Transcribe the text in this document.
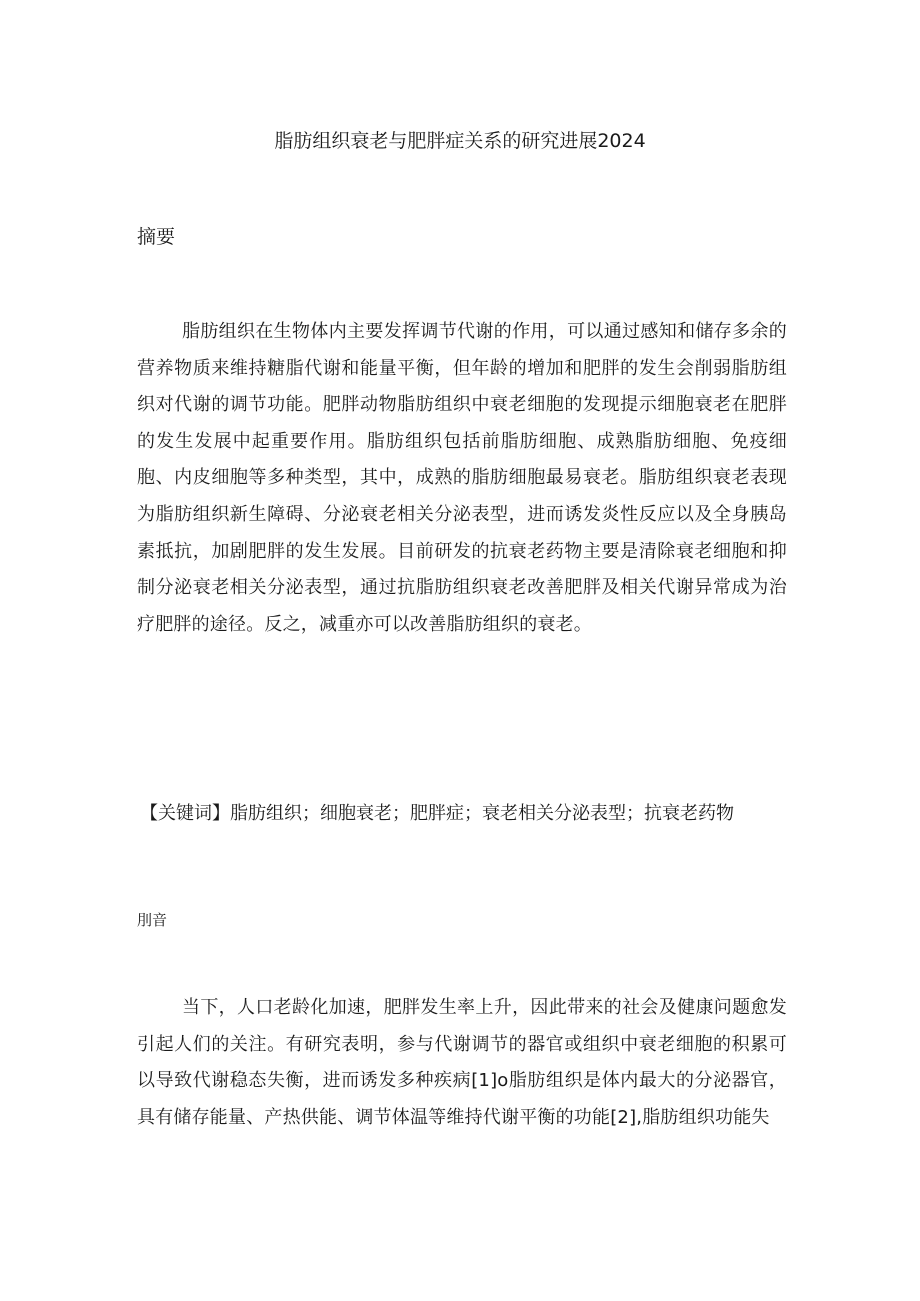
脂肪组织衰老与肥胖症关系的研究进展2024
摘要
脂肪组织在生物体内主要发挥调节代谢的作用，可以通过感知和储存多余的营养物质来维持糖脂代谢和能量平衡，但年龄的增加和肥胖的发生会削弱脂肪组织对代谢的调节功能。肥胖动物脂肪组织中衰老细胞的发现提示细胞衰老在肥胖的发生发展中起重要作用。脂肪组织包括前脂肪细胞、成熟脂肪细胞、免疫细胞、内皮细胞等多种类型，其中，成熟的脂肪细胞最易衰老。脂肪组织衰老表现为脂肪组织新生障碍、分泌衰老相关分泌表型，进而诱发炎性反应以及全身胰岛素抵抗，加剧肥胖的发生发展。目前研发的抗衰老药物主要是清除衰老细胞和抑制分泌衰老相关分泌表型，通过抗脂肪组织衰老改善肥胖及相关代谢异常成为治疗肥胖的途径。反之，减重亦可以改善脂肪组织的衰老。
【关键词】脂肪组织；细胞衰老；肥胖症；衰老相关分泌表型；抗衰老药物
刖音
当下，人口老龄化加速，肥胖发生率上升，因此带来的社会及健康问题愈发引起人们的关注。有研究表明，参与代谢调节的器官或组织中衰老细胞的积累可以导致代谢稳态失衡，进而诱发多种疾病[1]o脂肪组织是体内最大的分泌器官，具有储存能量、产热供能、调节体温等维持代谢平衡的功能[2],脂肪组织功能失
